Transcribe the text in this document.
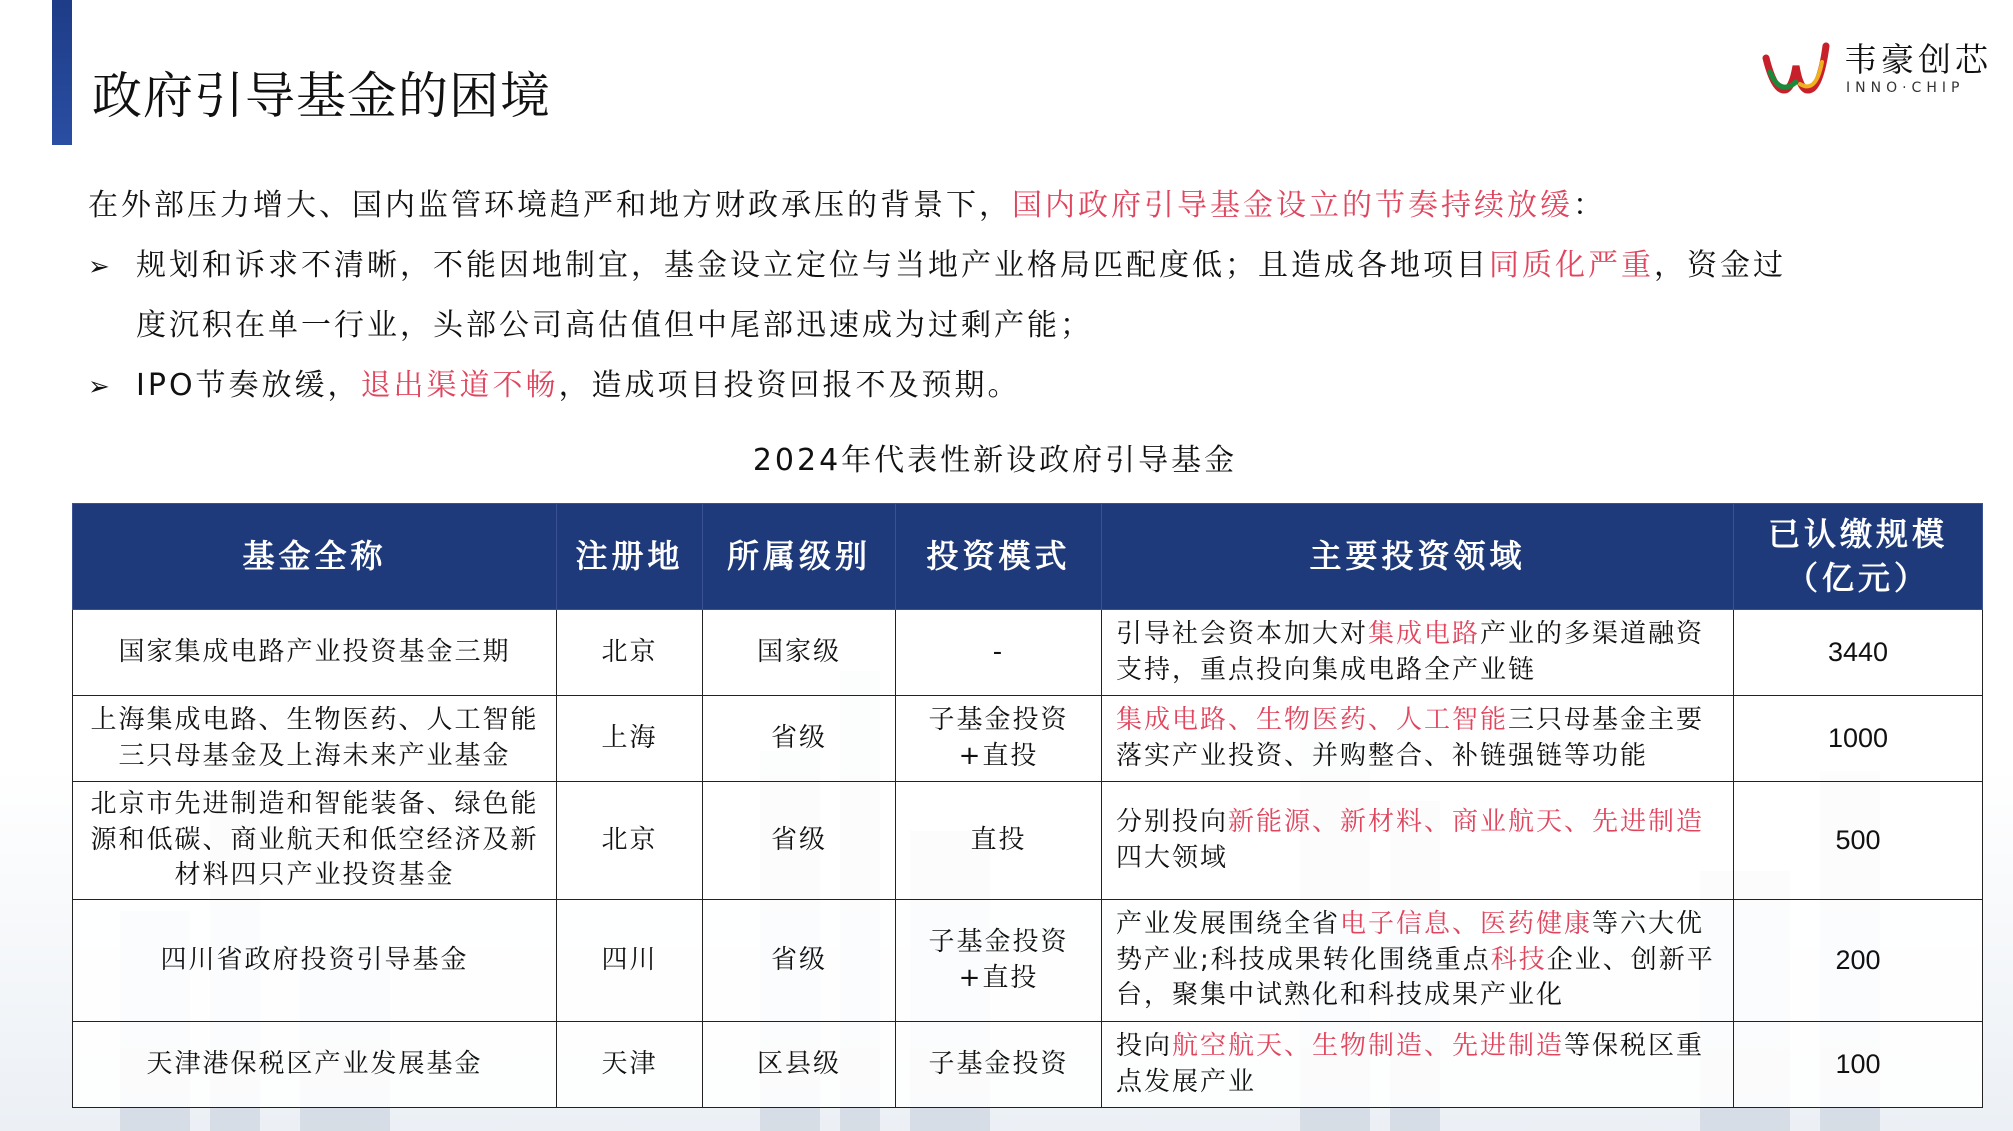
政府引导基金的困境
韦豪创芯
INNO·CHIP
在外部压力增大、国内监管环境趋严和地方财政承压的背景下，国内政府引导基金设立的节奏持续放缓：
➢ 规划和诉求不清晰，不能因地制宜，基金设立定位与当地产业格局匹配度低；且造成各地项目同质化严重，资金过
度沉积在单一行业，头部公司高估值但中尾部迅速成为过剩产能；
➢ IPO节奏放缓，退出渠道不畅，造成项目投资回报不及预期。
2024年代表性新设政府引导基金
基金全称	注册地	所属级别	投资模式	主要投资领域	已认缴规模
（亿元）
国家集成电路产业投资基金三期	北京	国家级	-	引导社会资本加大对集成电路产业的多渠道融资支持，重点投向集成电路全产业链	3440
上海集成电路、生物医药、人工智能三只母基金及上海未来产业基金	上海	省级	子基金投资+直投	集成电路、生物医药、人工智能三只母基金主要落实产业投资、并购整合、补链强链等功能	1000
北京市先进制造和智能装备、绿色能源和低碳、商业航天和低空经济及新材料四只产业投资基金	北京	省级	直投	分别投向新能源、新材料、商业航天、先进制造四大领域	500
四川省政府投资引导基金	四川	省级	子基金投资+直投	产业发展围绕全省电子信息、医药健康等六大优势产业;科技成果转化围绕重点科技企业、创新平台，聚集中试熟化和科技成果产业化	200
天津港保税区产业发展基金	天津	区县级	子基金投资	投向航空航天、生物制造、先进制造等保税区重点发展产业	100
